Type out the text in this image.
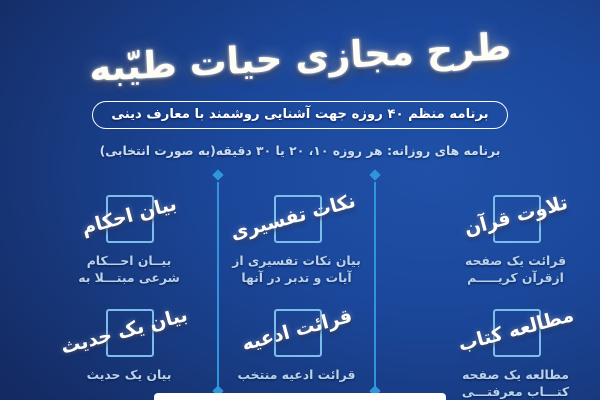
طرح مجازی حیات طیّبه
برنامه منظم ۴۰ روزه جهت آشنایی روشمند با معارف دینی
برنامه های روزانه: هر روزه ۱۰، ۲۰ یا ۳۰ دقیقه(به صورت انتخابی)
تلاوت قرآن
قرائت یک صفحه
ازقرآن کریـــــم
نکات تفسیری
بیان نکات تفسیری از
آیات و تدبر در آنها
بیان احکام
بیــان احـــکام
شرعی مبتـــلا به
مطالعه کتاب
مطالعه یک صفحه
کتـــاب معرفتـــی
قرائت ادعیه
قرائت ادعیه منتخب
بیان یک حدیث
بیان یک حدیث
